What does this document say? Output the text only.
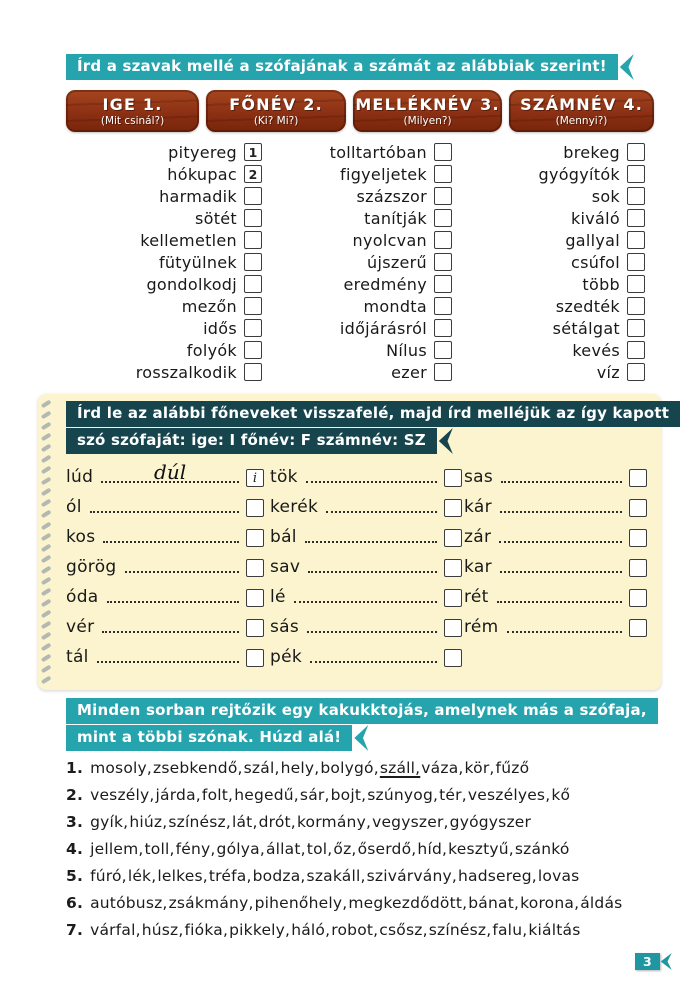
Írd a szavak mellé a szófajának a számát az alábbiak szerint!
IGE 1.
(Mit csinál?)
FŐNÉV 2.
(Ki? Mi?)
MELLÉKNÉV 3.
(Milyen?)
SZÁMNÉV 4.
(Mennyi?)
pityereg 1
hókupac 2
harmadik
sötét
kellemetlen
fütyülnek
gondolkodj
mezőn
idős
folyók
rosszalkodik
tolltartóban
figyeljetek
százszor
tanítják
nyolcvan
újszerű
eredmény
mondta
időjárásról
Nílus
ezer
brekeg
gyógyítók
sok
kiváló
gallyal
csúfol
több
szedték
sétálgat
kevés
víz
Írd le az alábbi főneveket visszafelé, majd írd melléjük az így kapott
szó szófaját: ige: I főnév: F számnév: SZ
lúd	dúl	i
ól
kos
görög
óda
vér
tál
tök
kerék
bál
sav
lé
sás
pék
sas
kár
zár
kar
rét
rém
Minden sorban rejtőzik egy kakukktojás, amelynek más a szófaja,
mint a többi szónak. Húzd alá!
1. mosoly, zsebkendő, szál, hely, bolygó, száll, váza, kör, fűző
2. veszély, járda, folt, hegedű, sár, bojt, szúnyog, tér, veszélyes, kő
3. gyík, hiúz, színész, lát, drót, kormány, vegyszer, gyógyszer
4. jellem, toll, fény, gólya, állat, tol, őz, őserdő, híd, kesztyű, szánkó
5. fúró, lék, lelkes, tréfa, bodza, szakáll, szivárvány, hadsereg, lovas
6. autóbusz, zsákmány, pihenőhely, megkezdődött, bánat, korona, áldás
7. várfal, húsz, fióka, pikkely, háló, robot, csősz, színész, falu, kiáltás
3
